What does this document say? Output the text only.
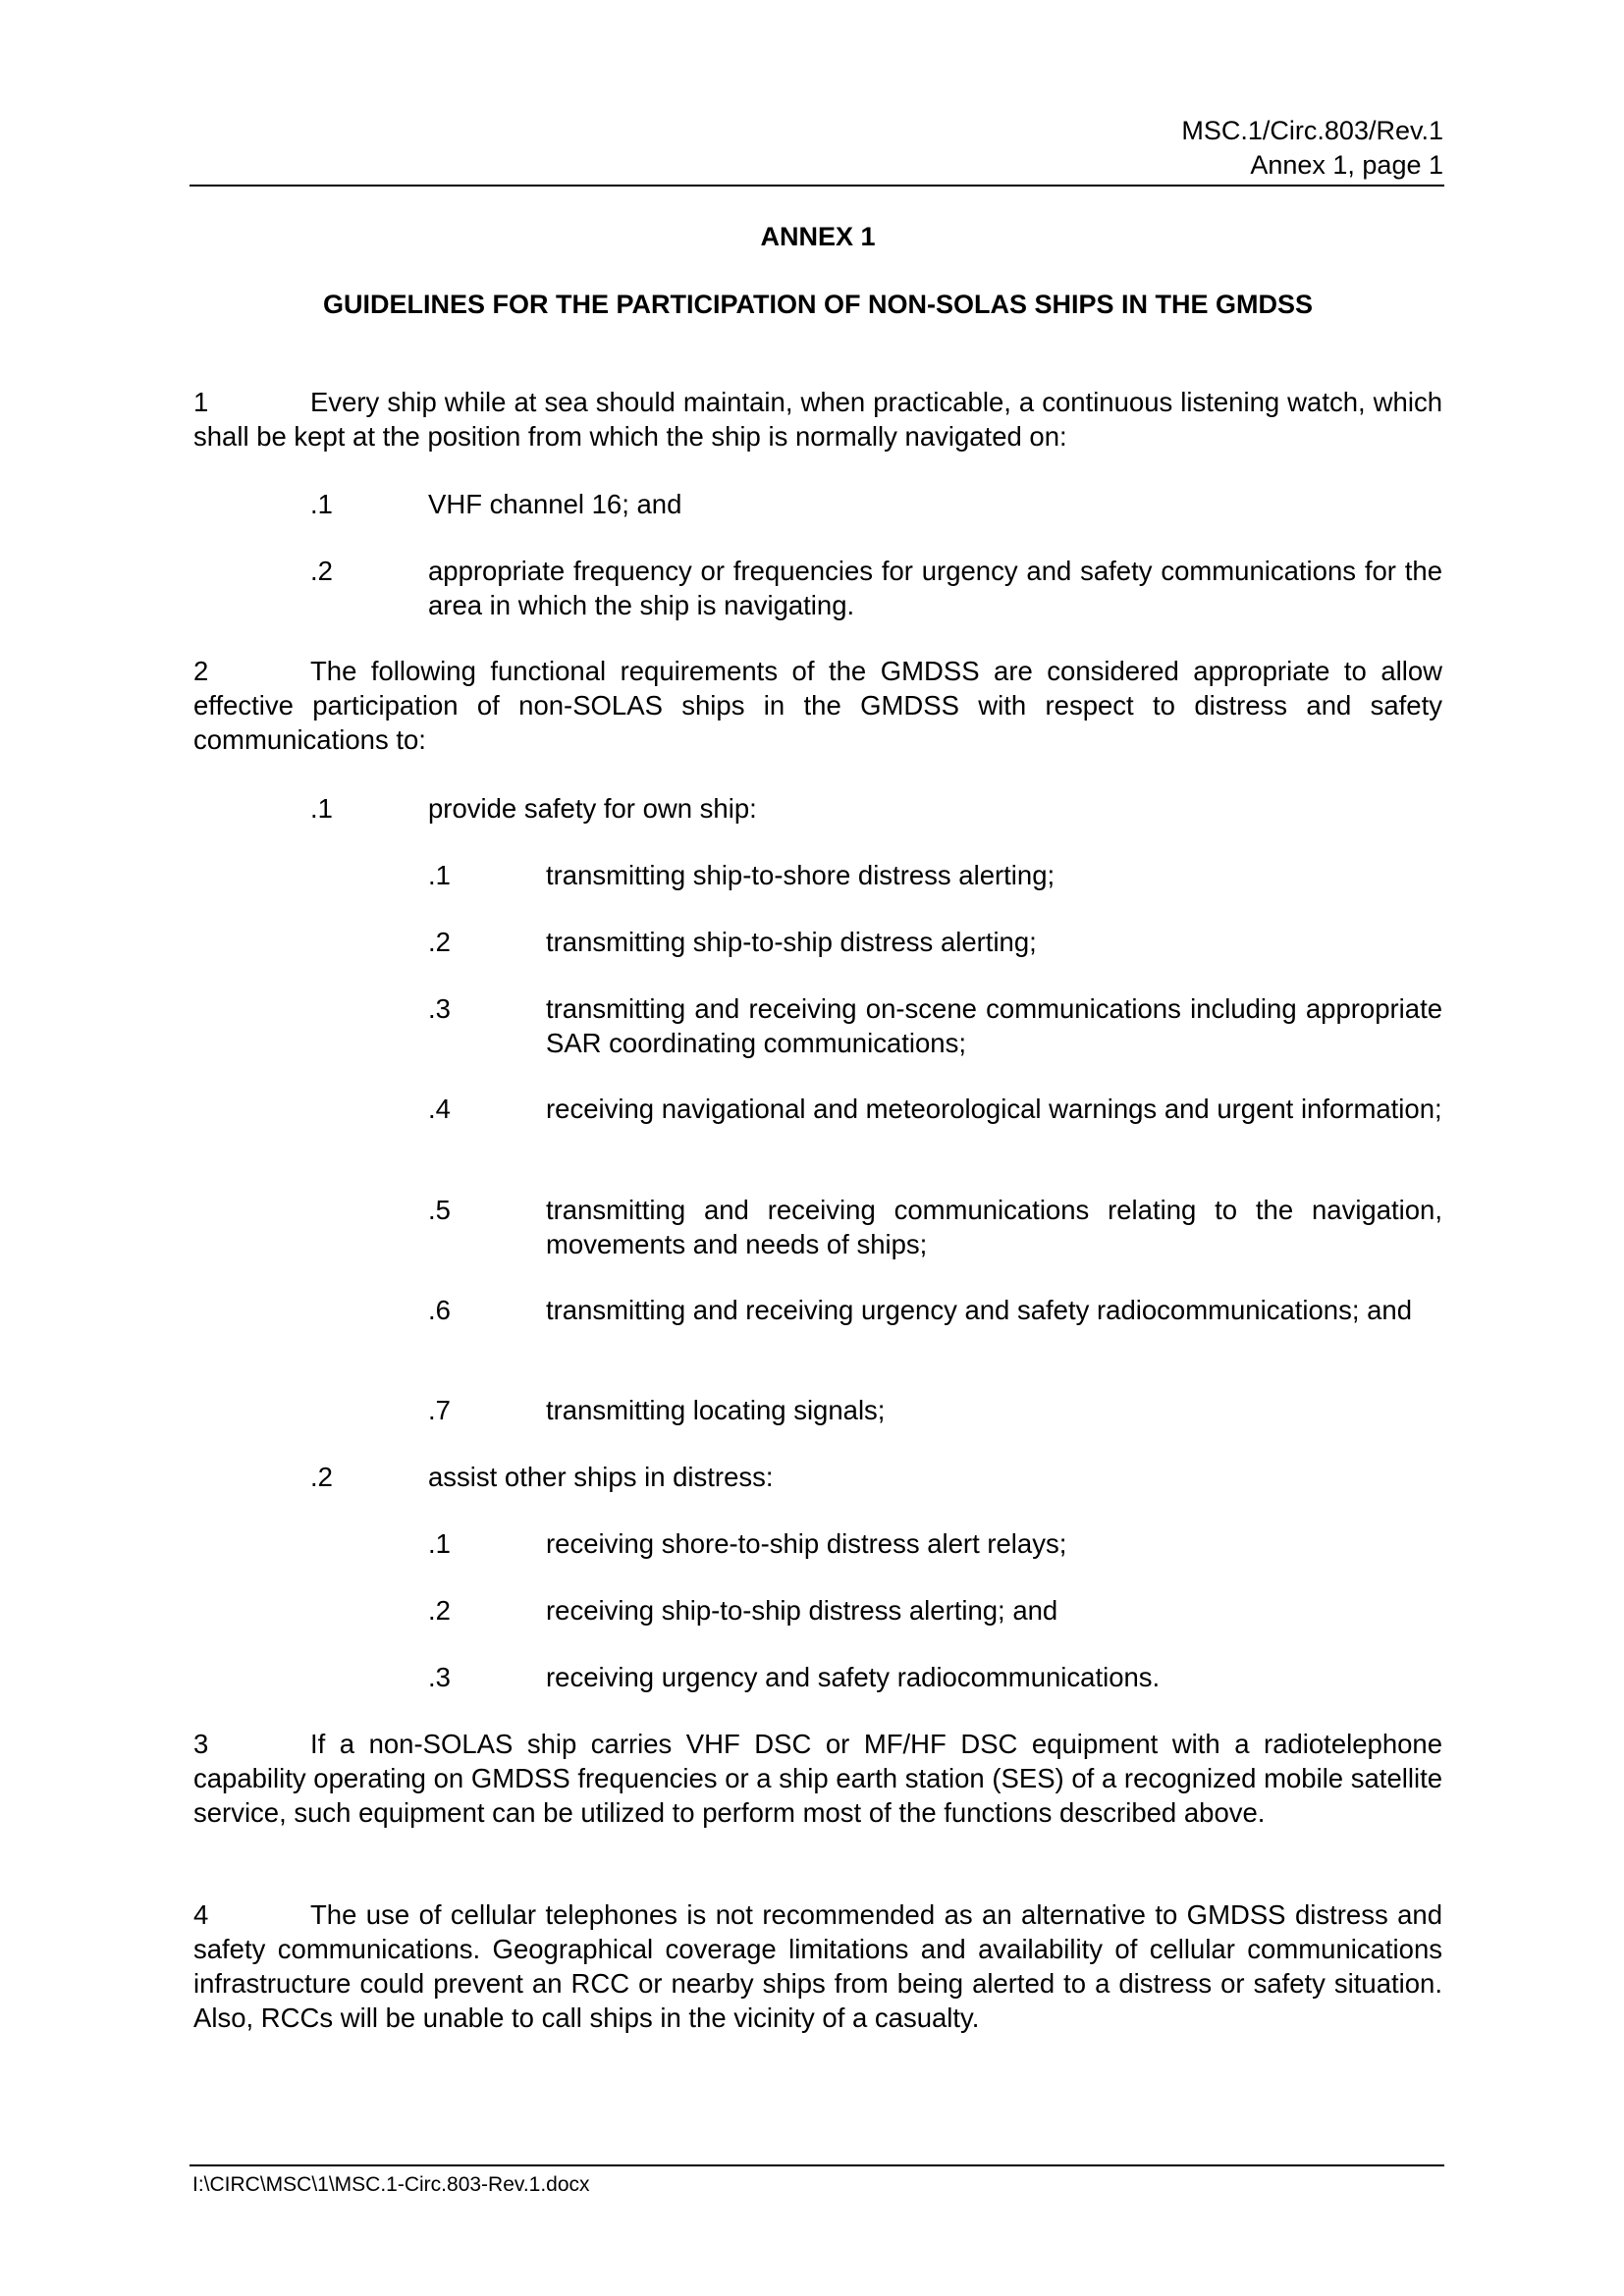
MSC.1/Circ.803/Rev.1
Annex 1, page 1
ANNEX 1
GUIDELINES FOR THE PARTICIPATION OF NON-SOLAS SHIPS IN THE GMDSS
1	Every ship while at sea should maintain, when practicable, a continuous listening watch, which shall be kept at the position from which the ship is normally navigated on:
.1	VHF channel 16; and
.2	appropriate frequency or frequencies for urgency and safety communications for the area in which the ship is navigating.
2	The following functional requirements of the GMDSS are considered appropriate to allow effective participation of non-SOLAS ships in the GMDSS with respect to distress and safety communications to:
.1	provide safety for own ship:
.1	transmitting ship-to-shore distress alerting;
.2	transmitting ship-to-ship distress alerting;
.3	transmitting and receiving on-scene communications including appropriate SAR coordinating communications;
.4	receiving navigational and meteorological warnings and urgent information;
.5	transmitting and receiving communications relating to the navigation, movements and needs of ships;
.6	transmitting and receiving urgency and safety radiocommunications; and
.7	transmitting locating signals;
.2	assist other ships in distress:
.1	receiving shore-to-ship distress alert relays;
.2	receiving ship-to-ship distress alerting; and
.3	receiving urgency and safety radiocommunications.
3	If a non-SOLAS ship carries VHF DSC or MF/HF DSC equipment with a radiotelephone capability operating on GMDSS frequencies or a ship earth station (SES) of a recognized mobile satellite service, such equipment can be utilized to perform most of the functions described above.
4	The use of cellular telephones is not recommended as an alternative to GMDSS distress and safety communications. Geographical coverage limitations and availability of cellular communications infrastructure could prevent an RCC or nearby ships from being alerted to a distress or safety situation. Also, RCCs will be unable to call ships in the vicinity of a casualty.
I:\CIRC\MSC\1\MSC.1-Circ.803-Rev.1.docx
